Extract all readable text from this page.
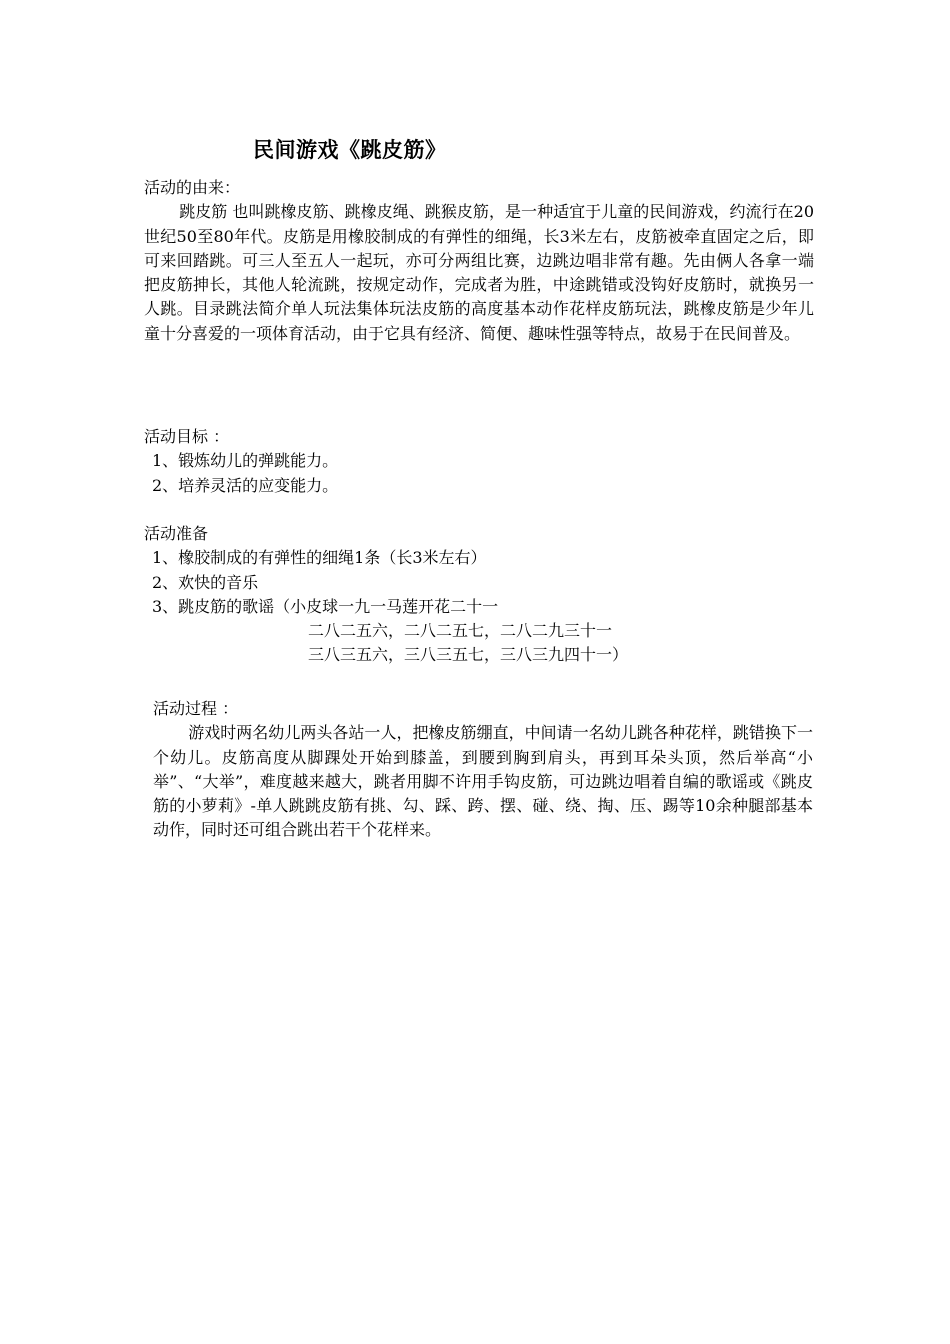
民间游戏《跳皮筋》
活动的由来：
跳皮筋 也叫跳橡皮筋、跳橡皮绳、跳猴皮筋，是一种适宜于儿童的民间游戏，约流行在20世纪50至80年代。皮筋是用橡胶制成的有弹性的细绳，长3米左右，皮筋被牵直固定之后，即可来回踏跳。可三人至五人一起玩，亦可分两组比赛，边跳边唱非常有趣。先由俩人各拿一端把皮筋抻长，其他人轮流跳，按规定动作，完成者为胜，中途跳错或没钩好皮筋时，就换另一人跳。目录跳法简介单人玩法集体玩法皮筋的高度基本动作花样皮筋玩法，跳橡皮筋是少年儿童十分喜爱的一项体育活动，由于它具有经济、简便、趣味性强等特点，故易于在民间普及。
活动目标 ：
1、锻炼幼儿的弹跳能力。
2、培养灵活的应变能力。
活动准备
1、橡胶制成的有弹性的细绳1条（长3米左右）
2、欢快的音乐
3、跳皮筋的歌谣（小皮球一九一马莲开花二十一
二八二五六，二八二五七，二八二九三十一
三八三五六，三八三五七，三八三九四十一）
活动过程 ：
游戏时两名幼儿两头各站一人，把橡皮筋绷直，中间请一名幼儿跳各种花样，跳错换下一个幼儿。皮筋高度从脚踝处开始到膝盖，到腰到胸到肩头，再到耳朵头顶，然后举高“小举”、“大举”，难度越来越大，跳者用脚不许用手钩皮筋，可边跳边唱着自编的歌谣或《跳皮筋的小萝莉》-单人跳跳皮筋有挑、勾、踩、跨、摆、碰、绕、掏、压、踢等10余种腿部基本动作，同时还可组合跳出若干个花样来。
